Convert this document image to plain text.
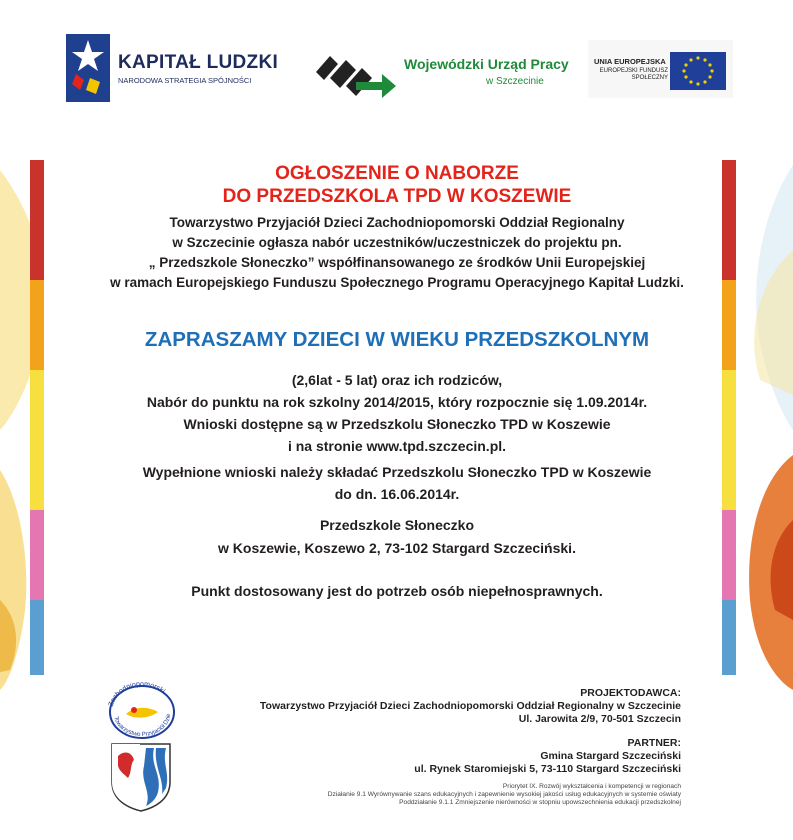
KAPITAŁ LUDZKI
NARODOWA STRATEGIA SPÓJNOŚCI
Wojewódzki Urząd Pracy
w Szczecinie
UNIA EUROPEJSKA
EUROPEJSKI FUNDUSZ SPOŁECZNY
OGŁOSZENIE O NABORZE
DO PRZEDSZKOLA TPD W KOSZEWIE
Towarzystwo Przyjaciół Dzieci Zachodniopomorski Oddział Regionalny
w Szczecinie ogłasza nabór uczestników/uczestniczek do projektu pn.
„ Przedszkole Słoneczko” współfinansowanego ze środków Unii Europejskiej
w ramach Europejskiego Funduszu Społecznego Programu Operacyjnego Kapitał Ludzki.
ZAPRASZAMY DZIECI W WIEKU PRZEDSZKOLNYM
(2,6lat - 5 lat) oraz ich rodziców,
Nabór do punktu na rok szkolny 2014/2015, który rozpocznie się 1.09.2014r.
Wnioski dostępne są w Przedszkolu Słoneczko TPD w Koszewie
i na stronie www.tpd.szczecin.pl.
Wypełnione wnioski należy składać Przedszkolu Słoneczko TPD w Koszewie
do dn. 16.06.2014r.
Przedszkole Słoneczko
w Koszewie, Koszewo 2, 73-102 Stargard Szczeciński.
Punkt dostosowany jest do potrzeb osób niepełnosprawnych.
Zachodniopomorski
Towarzystwo Przyjaciół Dzie
PROJEKTODAWCA:
Towarzystwo Przyjaciół Dzieci Zachodniopomorski Oddział Regionalny w Szczecinie
Ul. Jarowita 2/9, 70-501 Szczecin
PARTNER:
Gmina Stargard Szczeciński
ul. Rynek Staromiejski 5, 73-110 Stargard Szczeciński
Priorytet IX. Rozwój wykształcenia i kompetencji w regionach
Działanie 9.1 Wyrównywanie szans edukacyjnych i zapewnienie wysokiej jakości usług edukacyjnych w systemie oświaty
Poddziałanie 9.1.1 Zmniejszenie nierówności w stopniu upowszechnienia edukacji przedszkolnej
